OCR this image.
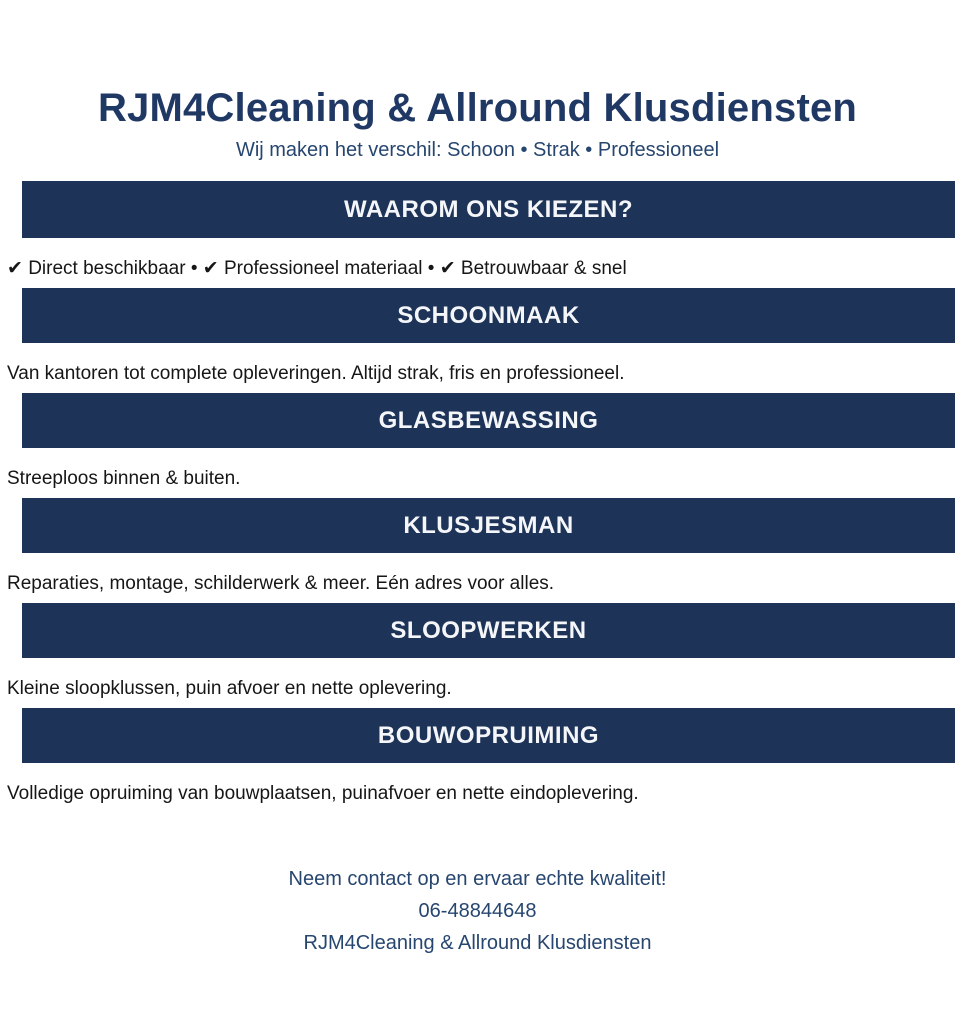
RJM4Cleaning & Allround Klusdiensten

Wij maken het verschil: Schoon • Strak • Professioneel

WAAROM ONS KIEZEN?

✔ Direct beschikbaar • ✔ Professioneel materiaal • ✔ Betrouwbaar & snel

SCHOONMAAK

Van kantoren tot complete opleveringen. Altijd strak, fris en professioneel.

GLASBEWASSING

Streeploos binnen & buiten.

KLUSJESMAN

Reparaties, montage, schilderwerk & meer. Eén adres voor alles.

SLOOPWERKEN

Kleine sloopklussen, puin afvoer en nette oplevering.

BOUWOPRUIMING

Volledige opruiming van bouwplaatsen, puinafvoer en nette eindoplevering.

Neem contact op en ervaar echte kwaliteit!

06-48844648

RJM4Cleaning & Allround Klusdiensten
